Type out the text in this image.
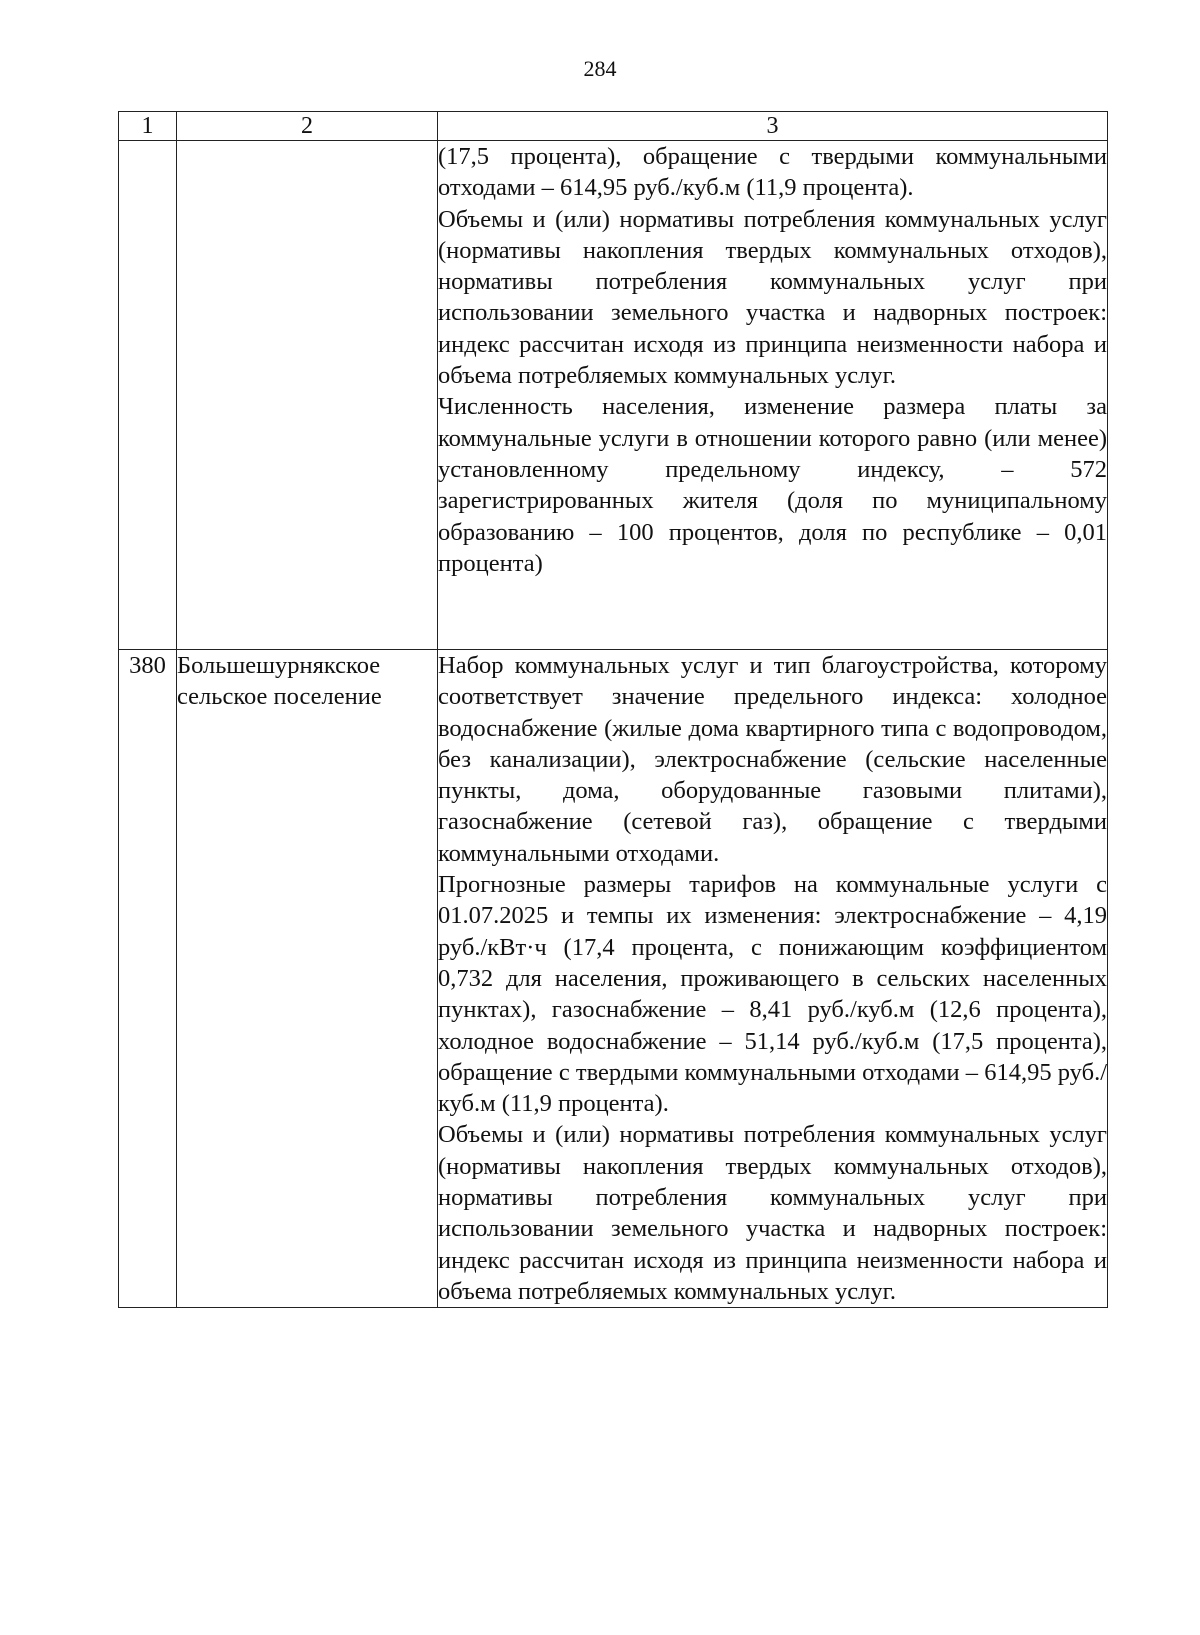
284
1	2	3

		(17,5 процента), обращение с твердыми коммунальными отходами – 614,95 руб./куб.м (11,9 процента).

Объемы и (или) нормативы потребления коммунальных услуг (нормативы накопления твердых коммунальных отходов), нормативы потребления коммунальных услуг при использовании земельного участка и надворных построек: индекс рассчитан исходя из принципа неизменности набора и объема потребляемых коммунальных услуг.

Численность населения, изменение размера платы за коммунальные услуги в отношении которого равно (или менее) установленному предельному индексу, – 572 зарегистрированных жителя (доля по муниципальному образованию – 100 процентов, доля по республике – 0,01 процента)

380	Большешурнякское сельское поселение	Набор коммунальных услуг и тип благоустройства, которому соответствует значение предельного индекса: холодное водоснабжение (жилые дома квартирного типа с водопроводом, без канализации), электроснабжение (сельские населенные пункты, дома, оборудованные газовыми плитами), газоснабжение (сетевой газ), обращение с твердыми коммунальными отходами.

Прогнозные размеры тарифов на коммунальные услуги с 01.07.2025 и темпы их изменения: электроснабжение – 4,19 руб./кВт·ч (17,4 процента, с понижающим коэффициентом 0,732 для населения, проживающего в сельских населенных пунктах), газоснабжение – 8,41 руб./куб.м (12,6 процента), холодное водоснабжение – 51,14 руб./куб.м (17,5 процента), обращение с твердыми коммунальными отходами – 614,95 руб./куб.м (11,9 процента).

Объемы и (или) нормативы потребления коммунальных услуг (нормативы накопления твердых коммунальных отходов), нормативы потребления коммунальных услуг при использовании земельного участка и надворных построек: индекс рассчитан исходя из принципа неизменности набора и объема потребляемых коммунальных услуг.
